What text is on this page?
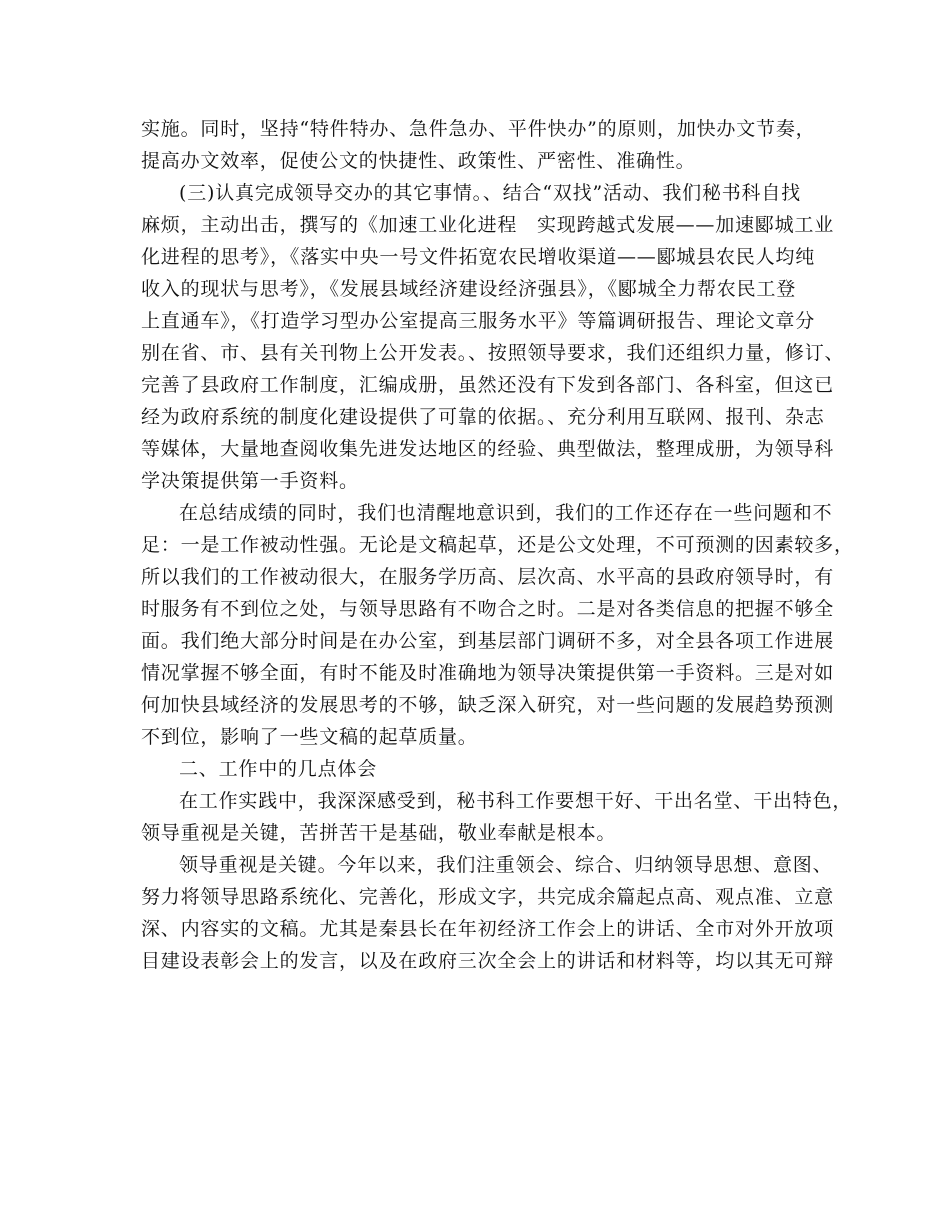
实施。同时，坚持“特件特办、急件急办、平件快办”的原则，加快办文节奏，
提高办文效率，促使公文的快捷性、政策性、严密性、准确性。
(三)认真完成领导交办的其它事情。、结合“双找”活动、我们秘书科自找
麻烦，主动出击，撰写的《加速工业化进程　实现跨越式发展——加速郾城工业
化进程的思考》，《落实中央一号文件拓宽农民增收渠道——郾城县农民人均纯
收入的现状与思考》，《发展县域经济建设经济强县》，《郾城全力帮农民工登
上直通车》，《打造学习型办公室提高三服务水平》等篇调研报告、理论文章分
别在省、市、县有关刊物上公开发表。、按照领导要求，我们还组织力量，修订、
完善了县政府工作制度，汇编成册，虽然还没有下发到各部门、各科室，但这已
经为政府系统的制度化建设提供了可靠的依据。、充分利用互联网、报刊、杂志
等媒体，大量地查阅收集先进发达地区的经验、典型做法，整理成册，为领导科
学决策提供第一手资料。
在总结成绩的同时，我们也清醒地意识到，我们的工作还存在一些问题和不
足：一是工作被动性强。无论是文稿起草，还是公文处理，不可预测的因素较多，
所以我们的工作被动很大，在服务学历高、层次高、水平高的县政府领导时，有
时服务有不到位之处，与领导思路有不吻合之时。二是对各类信息的把握不够全
面。我们绝大部分时间是在办公室，到基层部门调研不多，对全县各项工作进展
情况掌握不够全面，有时不能及时准确地为领导决策提供第一手资料。三是对如
何加快县域经济的发展思考的不够，缺乏深入研究，对一些问题的发展趋势预测
不到位，影响了一些文稿的起草质量。
二、工作中的几点体会
在工作实践中，我深深感受到，秘书科工作要想干好、干出名堂、干出特色，
领导重视是关键，苦拼苦干是基础，敬业奉献是根本。
领导重视是关键。今年以来，我们注重领会、综合、归纳领导思想、意图、
努力将领导思路系统化、完善化，形成文字，共完成余篇起点高、观点准、立意
深、内容实的文稿。尤其是秦县长在年初经济工作会上的讲话、全市对外开放项
目建设表彰会上的发言，以及在政府三次全会上的讲话和材料等，均以其无可辩
